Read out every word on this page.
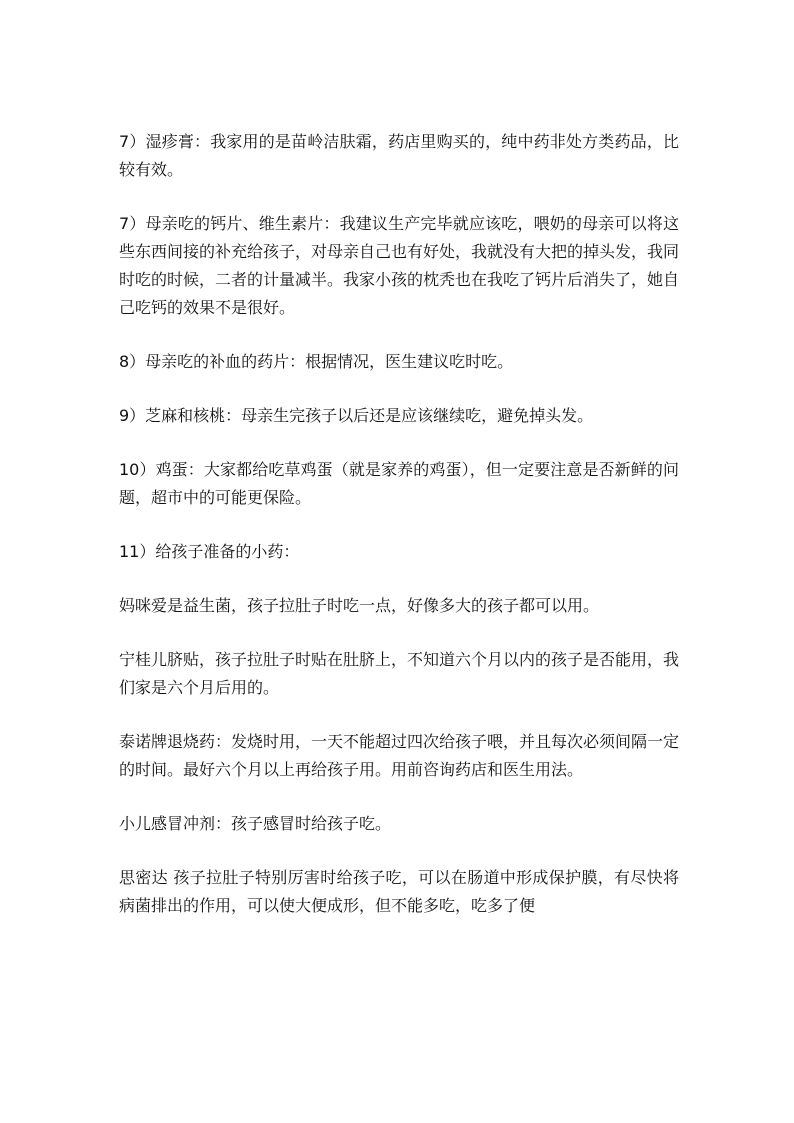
7）湿疹膏：我家用的是苗岭洁肤霜，药店里购买的，纯中药非处方类药品，比较有效。

7）母亲吃的钙片、维生素片：我建议生产完毕就应该吃，喂奶的母亲可以将这些东西间接的补充给孩子，对母亲自己也有好处，我就没有大把的掉头发，我同时吃的时候，二者的计量减半。我家小孩的枕秃也在我吃了钙片后消失了，她自己吃钙的效果不是很好。

8）母亲吃的补血的药片：根据情况，医生建议吃时吃。

9）芝麻和核桃：母亲生完孩子以后还是应该继续吃，避免掉头发。

10）鸡蛋：大家都给吃草鸡蛋（就是家养的鸡蛋），但一定要注意是否新鲜的问题，超市中的可能更保险。

11）给孩子准备的小药：

妈咪爱是益生菌，孩子拉肚子时吃一点，好像多大的孩子都可以用。

宁桂儿脐贴，孩子拉肚子时贴在肚脐上，不知道六个月以内的孩子是否能用，我们家是六个月后用的。

泰诺牌退烧药：发烧时用，一天不能超过四次给孩子喂，并且每次必须间隔一定的时间。最好六个月以上再给孩子用。用前咨询药店和医生用法。

小儿感冒冲剂：孩子感冒时给孩子吃。

思密达 孩子拉肚子特别厉害时给孩子吃，可以在肠道中形成保护膜，有尽快将病菌排出的作用，可以使大便成形，但不能多吃，吃多了便
